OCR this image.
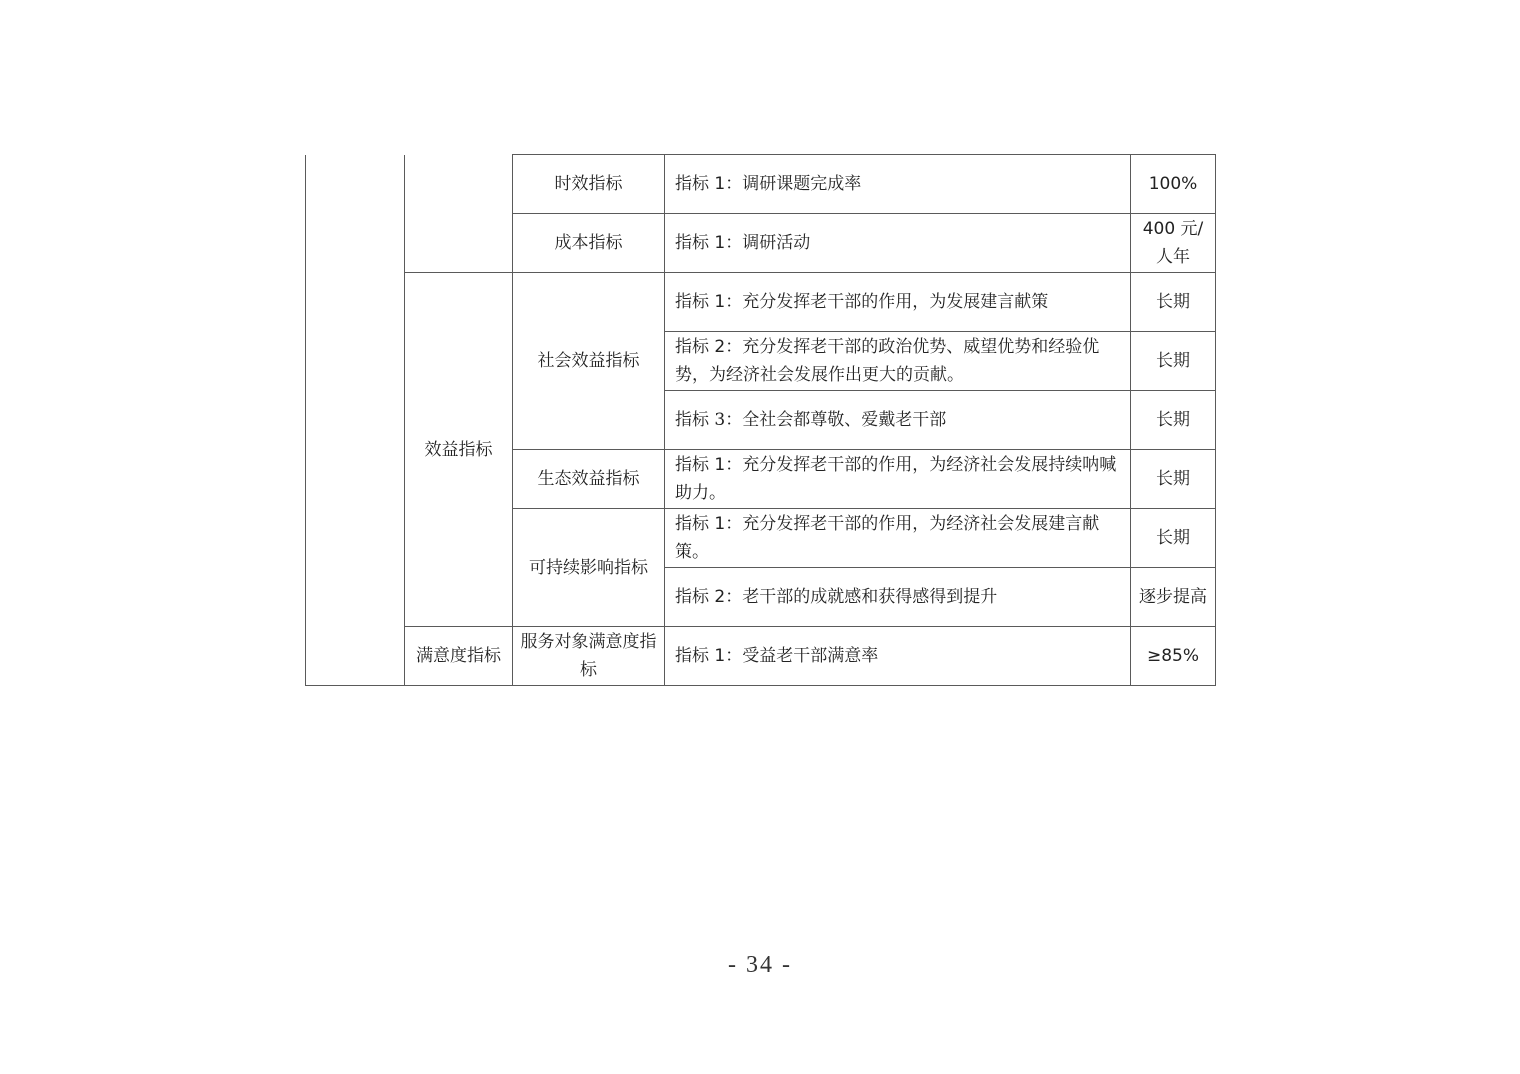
		时效指标	指标 1：调研课题完成率	100%
		成本指标	指标 1：调研活动	400 元/人年
	效益指标	社会效益指标	指标 1：充分发挥老干部的作用，为发展建言献策	长期
			指标 2：充分发挥老干部的政治优势、威望优势和经验优势，为经济社会发展作出更大的贡献。	长期
			指标 3：全社会都尊敬、爱戴老干部	长期
		生态效益指标	指标 1：充分发挥老干部的作用，为经济社会发展持续呐喊助力。	长期
		可持续影响指标	指标 1：充分发挥老干部的作用，为经济社会发展建言献策。	长期
			指标 2：老干部的成就感和获得感得到提升	逐步提高
	满意度指标	服务对象满意度指标	指标 1：受益老干部满意率	≥85%
- 34 -
